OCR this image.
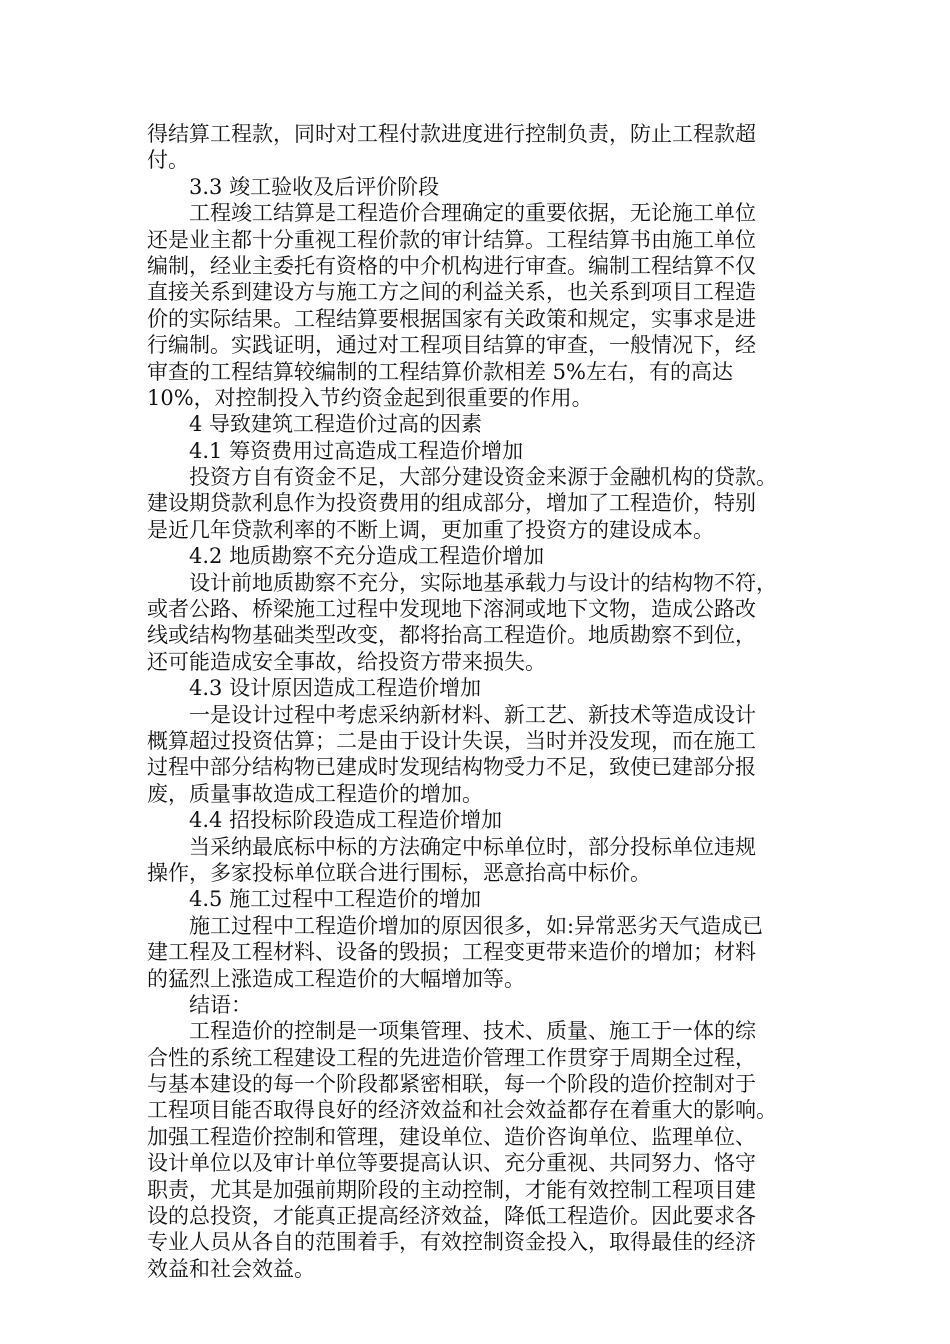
得结算工程款，同时对工程付款进度进行控制负责，防止工程款超
付。
3.3 竣工验收及后评价阶段
工程竣工结算是工程造价合理确定的重要依据，无论施工单位
还是业主都十分重视工程价款的审计结算。工程结算书由施工单位
编制，经业主委托有资格的中介机构进行审查。编制工程结算不仅
直接关系到建设方与施工方之间的利益关系，也关系到项目工程造
价的实际结果。工程结算要根据国家有关政策和规定，实事求是进
行编制。实践证明，通过对工程项目结算的审查，一般情况下，经
审查的工程结算较编制的工程结算价款相差 5%左右，有的高达
10%，对控制投入节约资金起到很重要的作用。
4 导致建筑工程造价过高的因素
4.1 筹资费用过高造成工程造价增加
投资方自有资金不足，大部分建设资金来源于金融机构的贷款。
建设期贷款利息作为投资费用的组成部分，增加了工程造价，特别
是近几年贷款利率的不断上调，更加重了投资方的建设成本。
4.2 地质勘察不充分造成工程造价增加
设计前地质勘察不充分，实际地基承载力与设计的结构物不符，
或者公路、桥梁施工过程中发现地下溶洞或地下文物，造成公路改
线或结构物基础类型改变，都将抬高工程造价。地质勘察不到位，
还可能造成安全事故，给投资方带来损失。
4.3 设计原因造成工程造价增加
一是设计过程中考虑采纳新材料、新工艺、新技术等造成设计
概算超过投资估算；二是由于设计失误，当时并没发现，而在施工
过程中部分结构物已建成时发现结构物受力不足，致使已建部分报
废，质量事故造成工程造价的增加。
4.4 招投标阶段造成工程造价增加
当采纳最底标中标的方法确定中标单位时，部分投标单位违规
操作，多家投标单位联合进行围标，恶意抬高中标价。
4.5 施工过程中工程造价的增加
施工过程中工程造价增加的原因很多，如:异常恶劣天气造成已
建工程及工程材料、设备的毁损；工程变更带来造价的增加；材料
的猛烈上涨造成工程造价的大幅增加等。
结语：
工程造价的控制是一项集管理、技术、质量、施工于一体的综
合性的系统工程建设工程的先进造价管理工作贯穿于周期全过程，
与基本建设的每一个阶段都紧密相联，每一个阶段的造价控制对于
工程项目能否取得良好的经济效益和社会效益都存在着重大的影响。
加强工程造价控制和管理，建设单位、造价咨询单位、监理单位、
设计单位以及审计单位等要提高认识、充分重视、共同努力、恪守
职责，尤其是加强前期阶段的主动控制，才能有效控制工程项目建
设的总投资，才能真正提高经济效益，降低工程造价。因此要求各
专业人员从各自的范围着手，有效控制资金投入，取得最佳的经济
效益和社会效益。
